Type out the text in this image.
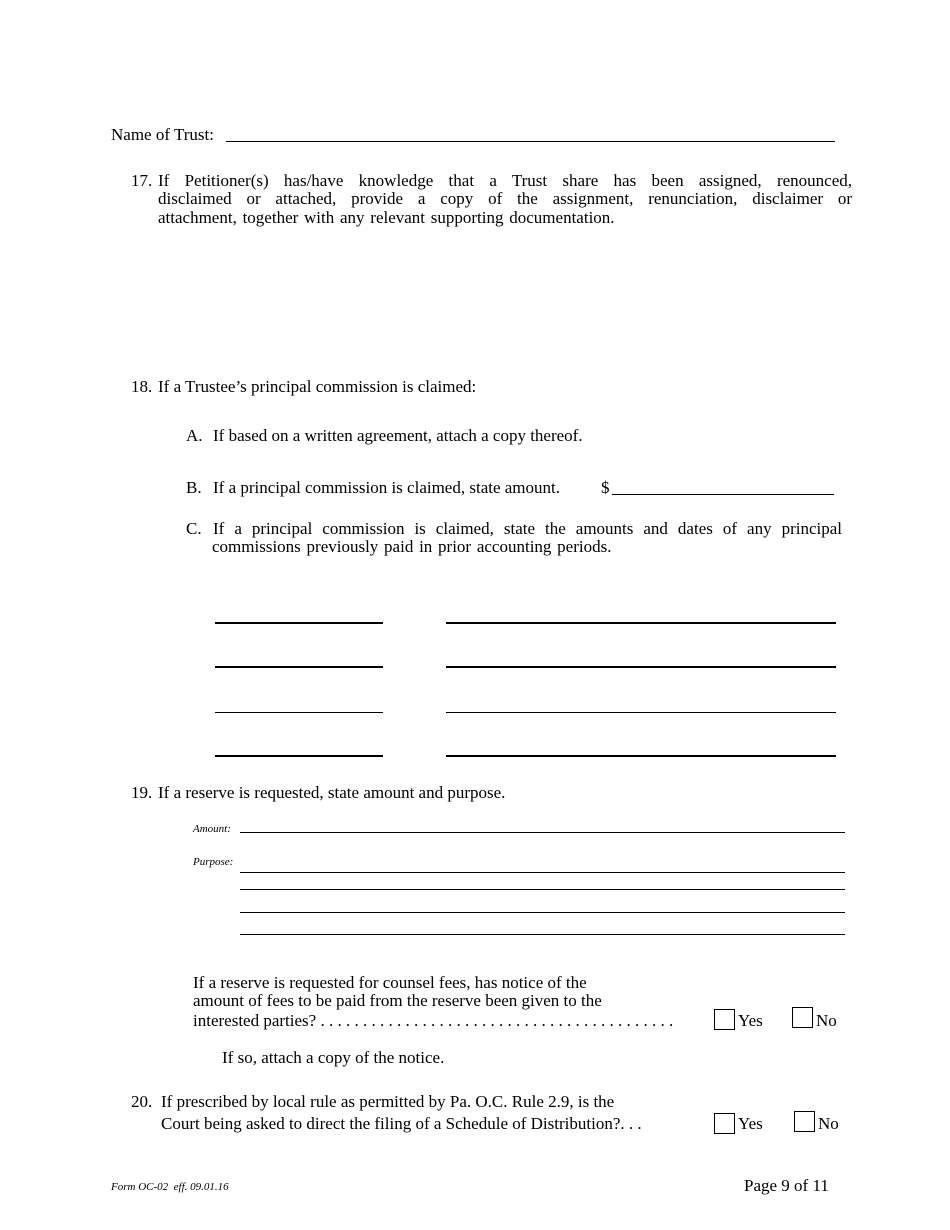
Name of Trust:
17. If Petitioner(s) has/have knowledge that a Trust share has been assigned, renounced,
disclaimed or attached, provide a copy of the assignment, renunciation, disclaimer or
attachment, together with any relevant supporting documentation.
18. If a Trustee’s principal commission is claimed:
A. If based on a written agreement, attach a copy thereof.
B. If a principal commission is claimed, state amount. $
C. If a principal commission is claimed, state the amounts and dates of any principal
commissions previously paid in prior accounting periods.
19. If a reserve is requested, state amount and purpose.
Amount:
Purpose:
If a reserve is requested for counsel fees, has notice of the
amount of fees to be paid from the reserve been given to the
interested parties? . . . . . . . . . . . . . . . . . . . . . . . . . . . . . . . . . . . . . . . . . .	Yes	No
If so, attach a copy of the notice.
20. If prescribed by local rule as permitted by Pa. O.C. Rule 2.9, is the
Court being asked to direct the filing of a Schedule of Distribution?. . .	Yes	No
Form OC-02  eff. 09.01.16	Page 9 of 11
